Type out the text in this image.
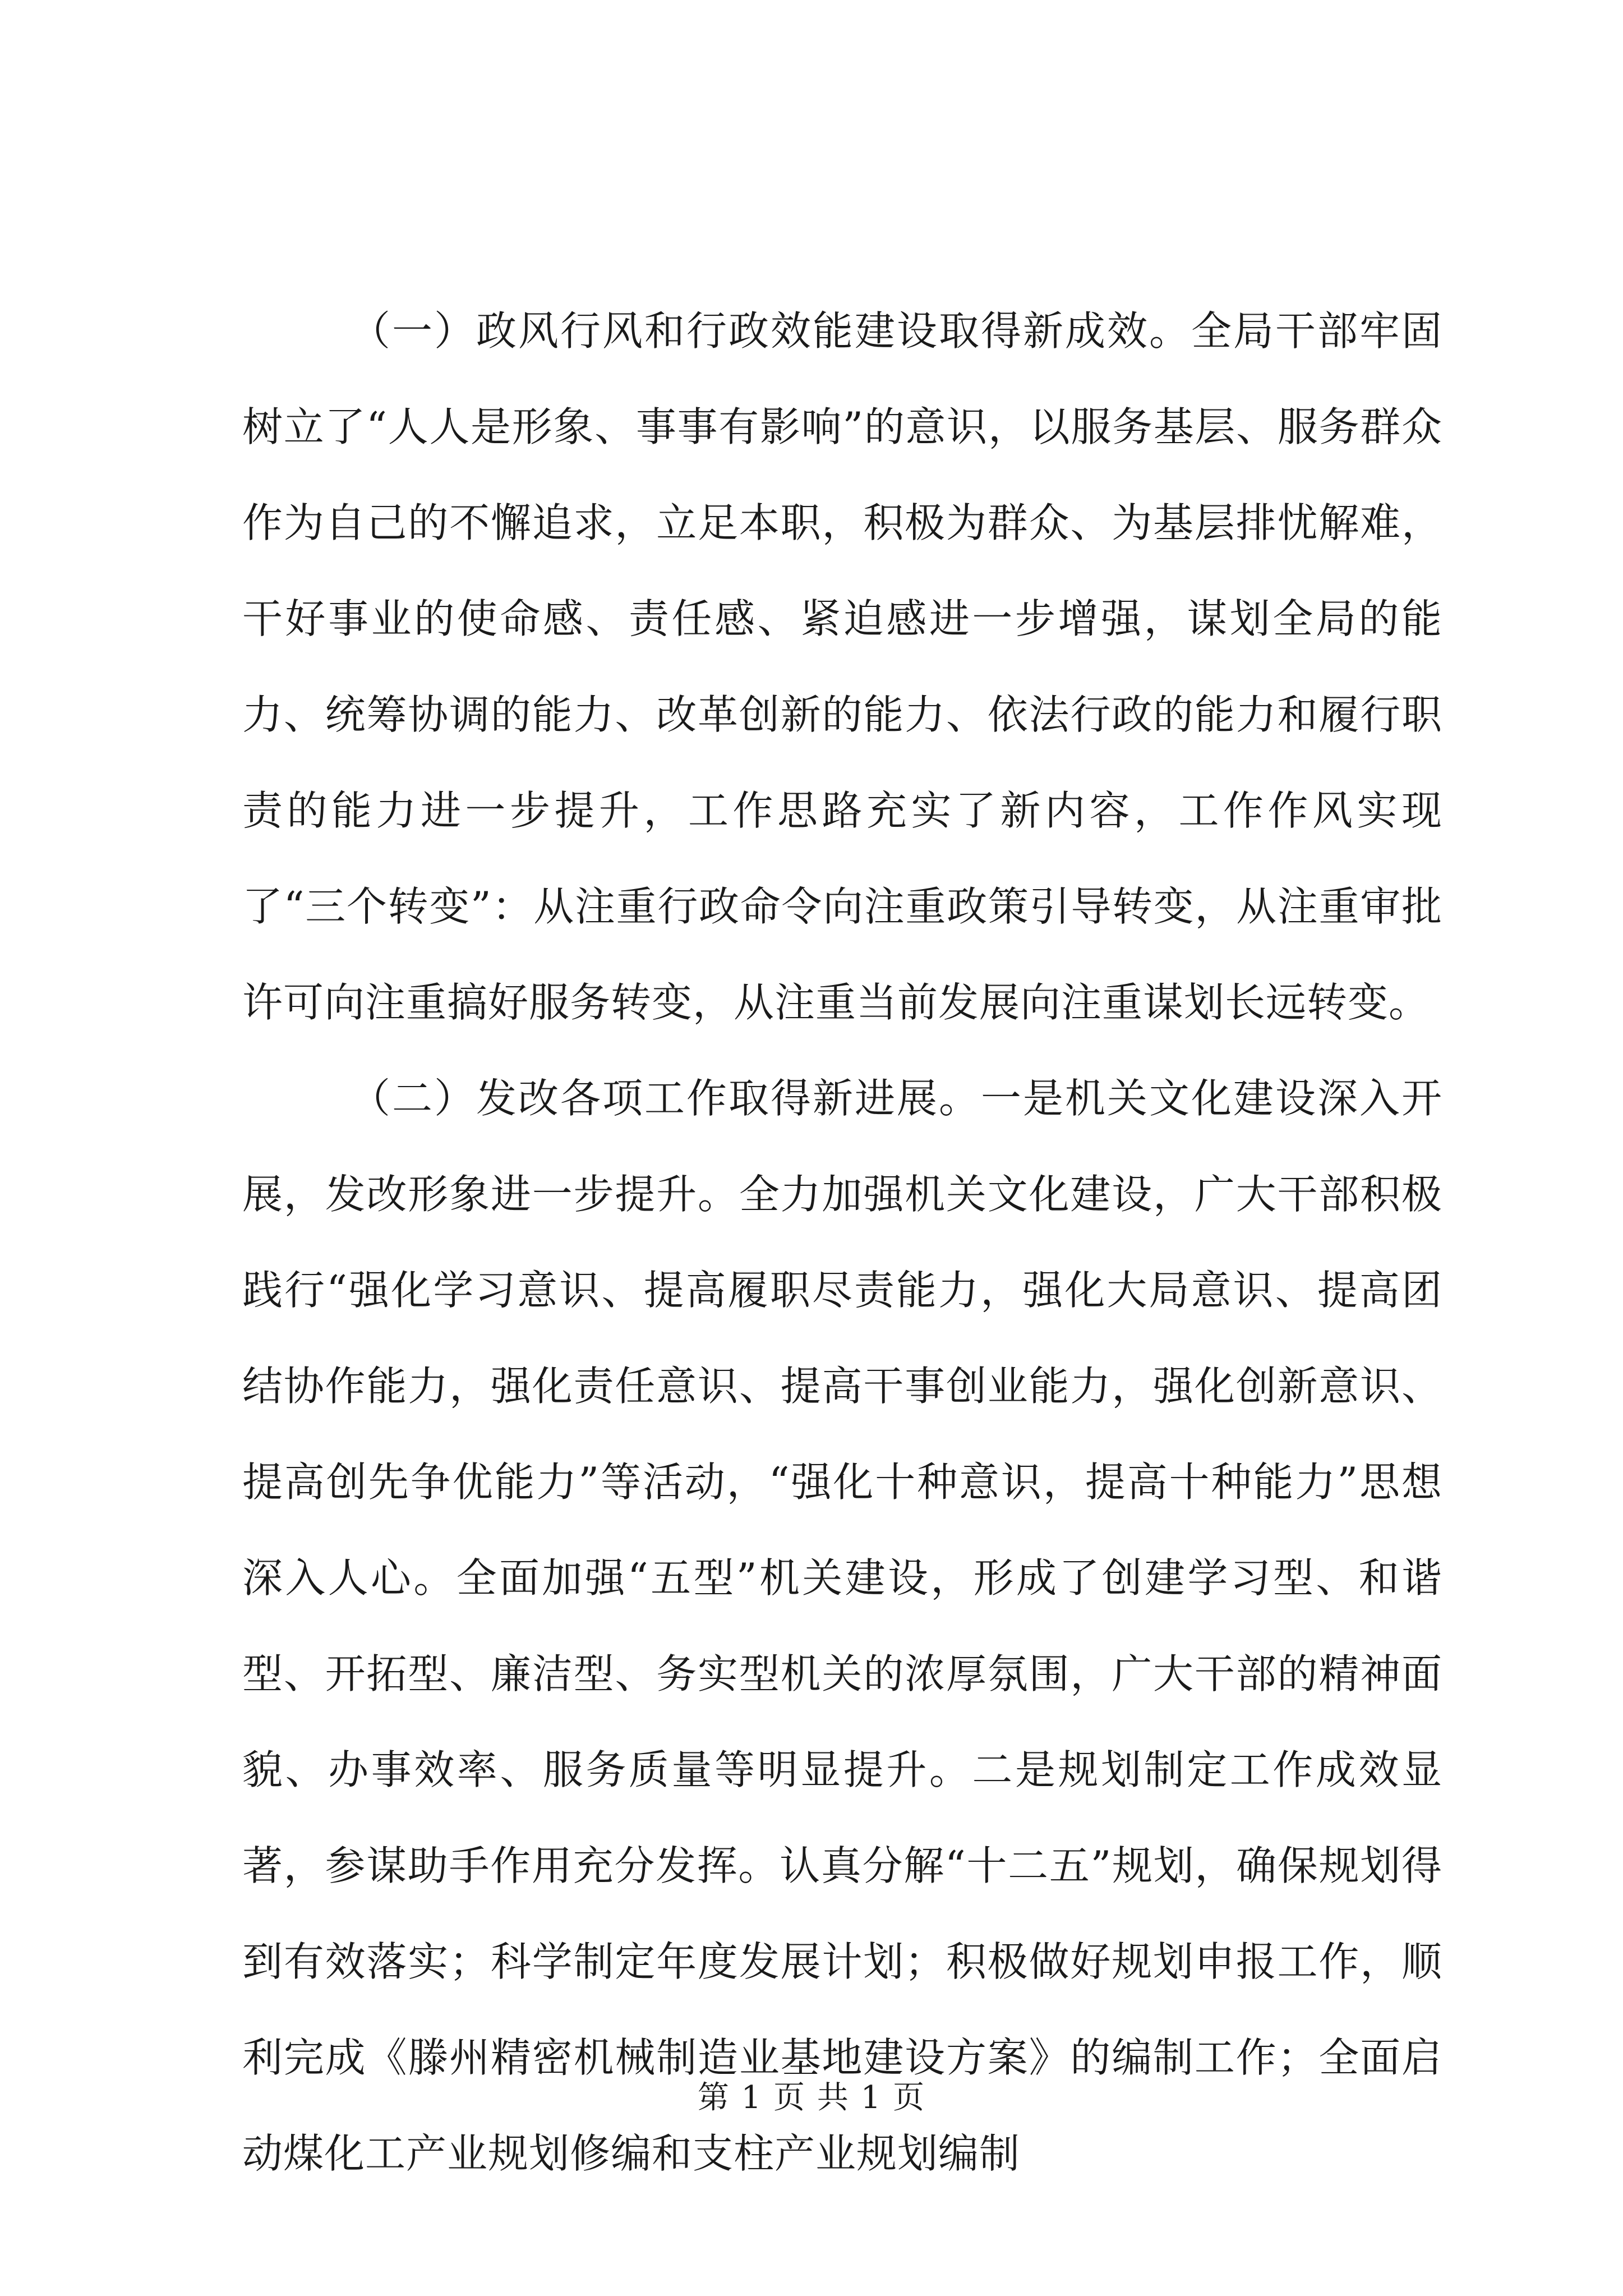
（一）政风行风和行政效能建设取得新成效。全局干部牢固树立了“人人是形象、事事有影响”的意识，以服务基层、服务群众作为自己的不懈追求，立足本职，积极为群众、为基层排忧解难，干好事业的使命感、责任感、紧迫感进一步增强，谋划全局的能力、统筹协调的能力、改革创新的能力、依法行政的能力和履行职责的能力进一步提升，工作思路充实了新内容，工作作风实现了“三个转变”：从注重行政命令向注重政策引导转变，从注重审批许可向注重搞好服务转变，从注重当前发展向注重谋划长远转变。

（二）发改各项工作取得新进展。一是机关文化建设深入开展，发改形象进一步提升。全力加强机关文化建设，广大干部积极践行“强化学习意识、提高履职尽责能力，强化大局意识、提高团结协作能力，强化责任意识、提高干事创业能力，强化创新意识、提高创先争优能力”等活动，“强化十种意识，提高十种能力”思想深入人心。全面加强“五型”机关建设，形成了创建学习型、和谐型、开拓型、廉洁型、务实型机关的浓厚氛围，广大干部的精神面貌、办事效率、服务质量等明显提升。二是规划制定工作成效显著，参谋助手作用充分发挥。认真分解“十二五”规划，确保规划得到有效落实；科学制定年度发展计划；积极做好规划申报工作，顺利完成《滕州精密机械制造业基地建设方案》的编制工作；全面启动煤化工产业规划修编和支柱产业规划编制

第 1 页 共 1 页
